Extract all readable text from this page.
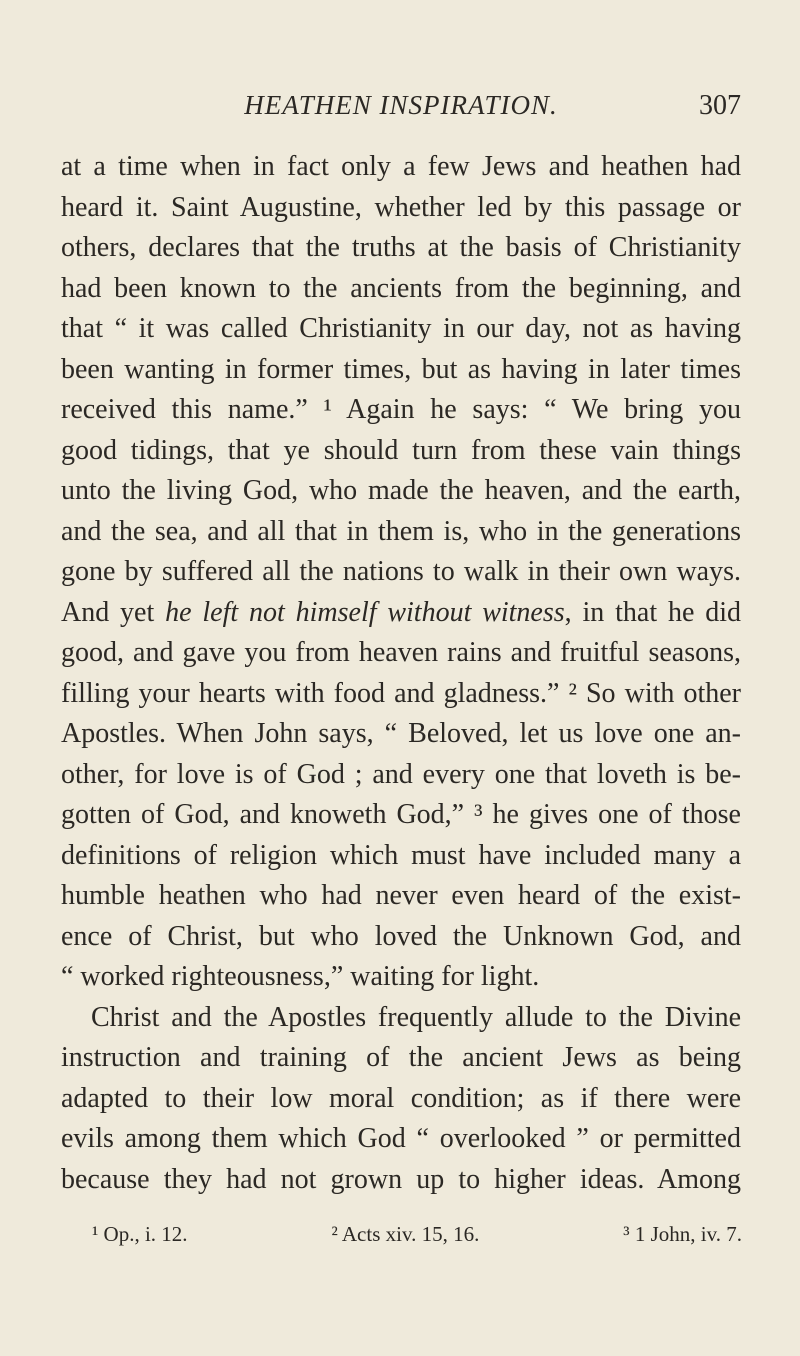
HEATHEN INSPIRATION.	307
at a time when in fact only a few Jews and heathen had
heard it. Saint Augustine, whether led by this passage or
others, declares that the truths at the basis of Christianity
had been known to the ancients from the beginning, and
that “ it was called Christianity in our day, not as having
been wanting in former times, but as having in later times
received this name.” ¹ Again he says: “ We bring you
good tidings, that ye should turn from these vain things
unto the living God, who made the heaven, and the earth,
and the sea, and all that in them is, who in the generations
gone by suffered all the nations to walk in their own ways.
And yet he left not himself without witness, in that he did
good, and gave you from heaven rains and fruitful seasons,
filling your hearts with food and gladness.” ² So with other
Apostles. When John says, “ Beloved, let us love one an-
other, for love is of God ; and every one that loveth is be-
gotten of God, and knoweth God,” ³ he gives one of those
definitions of religion which must have included many a
humble heathen who had never even heard of the exist-
ence of Christ, but who loved the Unknown God, and
“ worked righteousness,” waiting for light.
Christ and the Apostles frequently allude to the Divine
instruction and training of the ancient Jews as being
adapted to their low moral condition; as if there were
evils among them which God “ overlooked ” or permitted
because they had not grown up to higher ideas. Among
¹ Op., i. 12.	² Acts xiv. 15, 16.	³ 1 John, iv. 7.
